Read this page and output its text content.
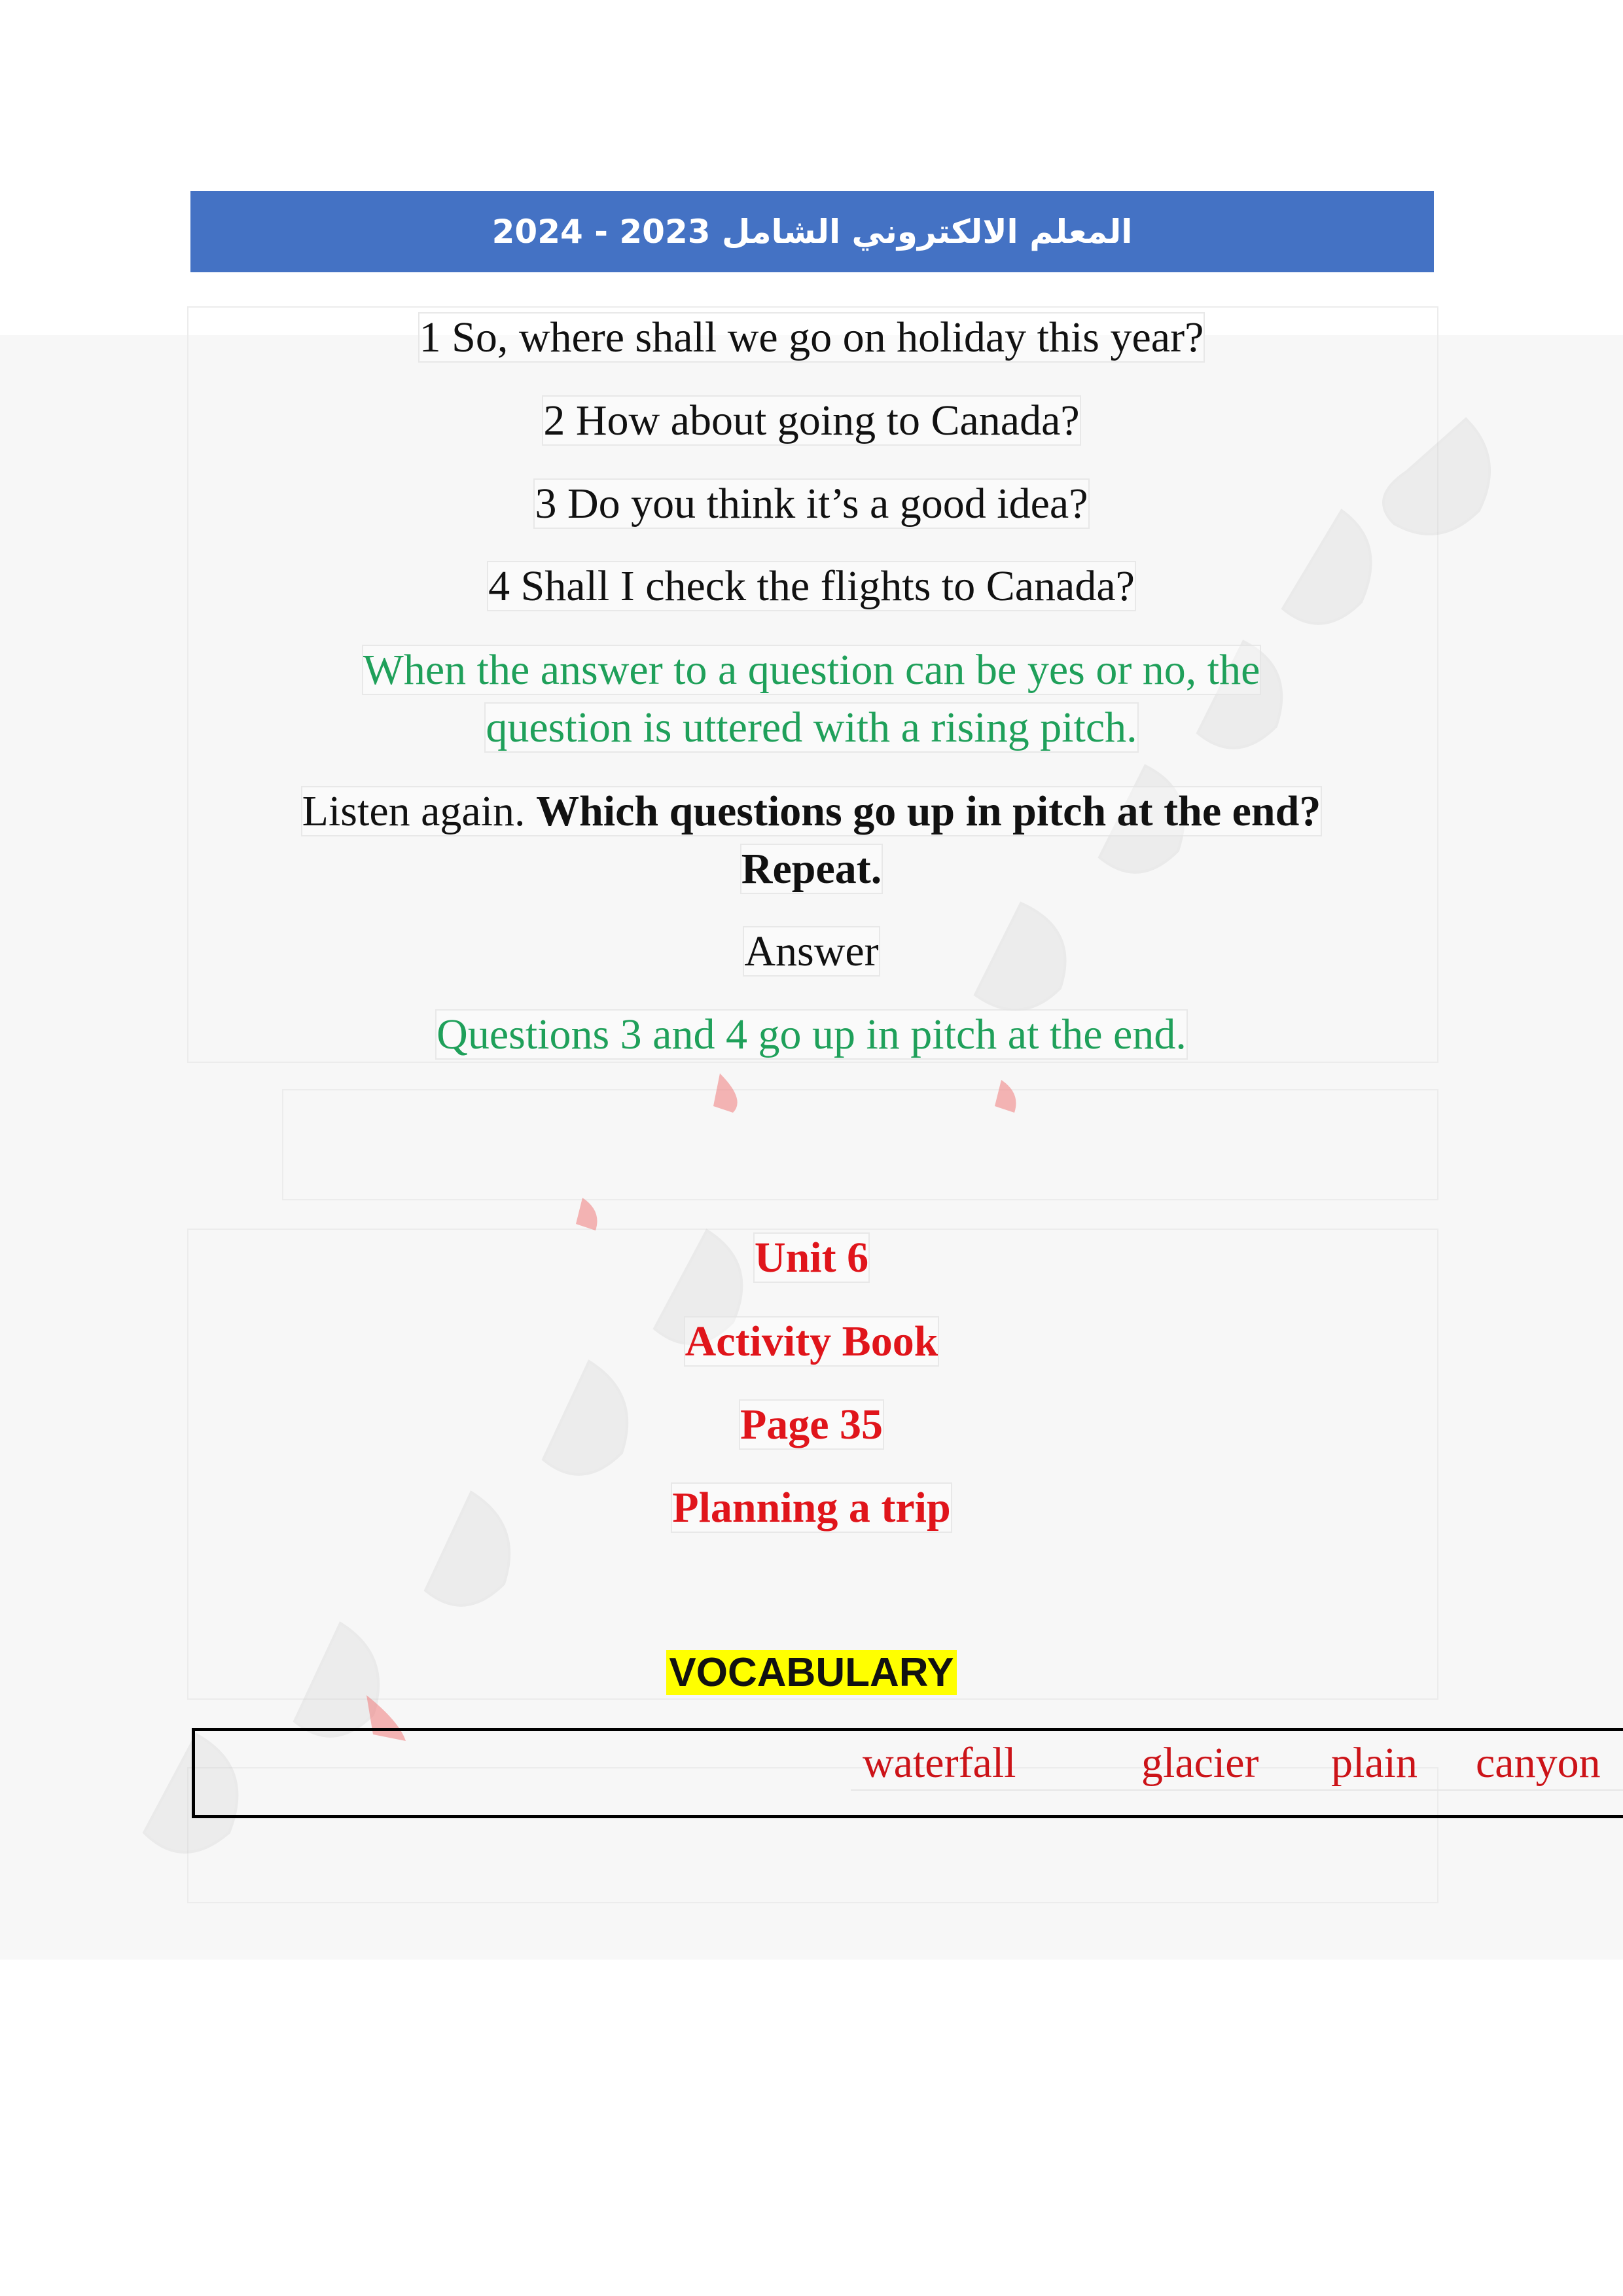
المعلم الالكتروني الشامل 2023 - 2024
1 So, where shall we go on holiday this year?
2 How about going to Canada?
3 Do you think it’s a good idea?
4 Shall I check the flights to Canada?
When the answer to a question can be yes or no, the
question is uttered with a rising pitch.
Listen again. Which questions go up in pitch at the end?
Repeat.
Answer
Questions 3 and 4 go up in pitch at the end.
Unit 6
Activity Book
Page 35
Planning a trip
VOCABULARY
waterfall	glacier plain canyon
